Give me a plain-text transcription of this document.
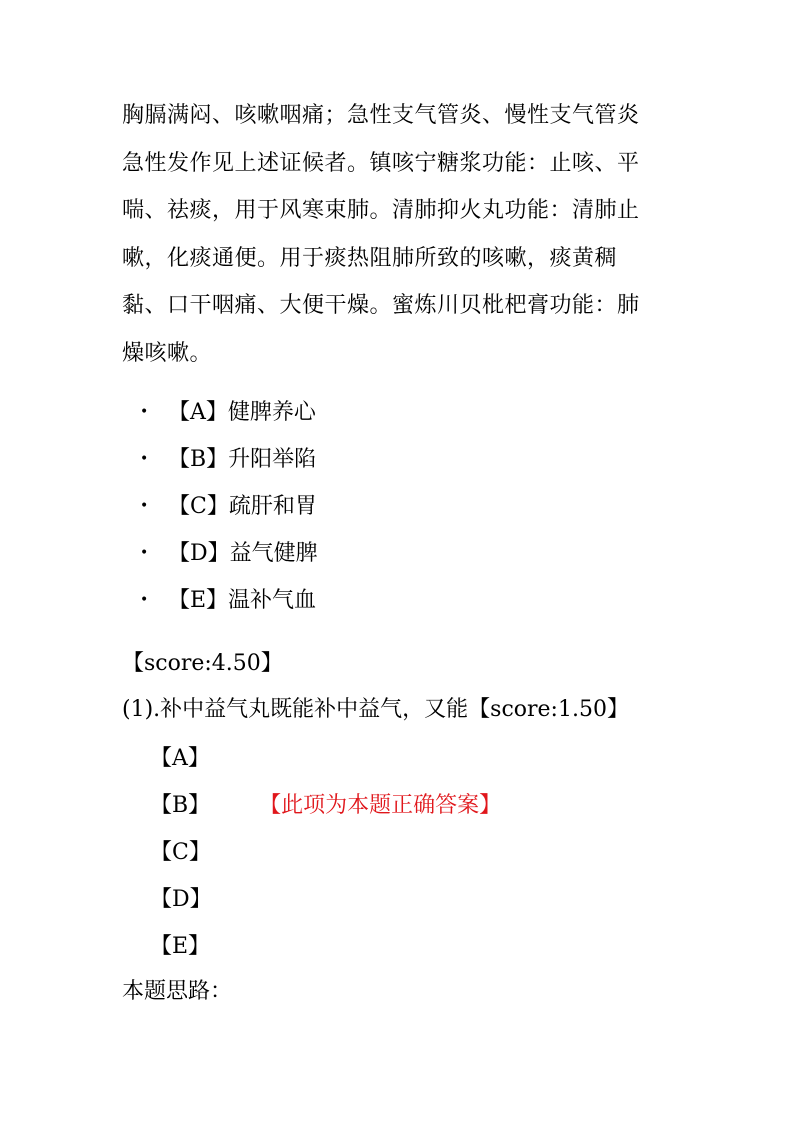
胸膈满闷、咳嗽咽痛；急性支气管炎、慢性支气管炎
急性发作见上述证候者。镇咳宁糖浆功能：止咳、平
喘、祛痰，用于风寒束肺。清肺抑火丸功能：清肺止
嗽，化痰通便。用于痰热阻肺所致的咳嗽，痰黄稠
黏、口干咽痛、大便干燥。蜜炼川贝枇杷膏功能：肺
燥咳嗽。
• 【A】健脾养心
• 【B】升阳举陷
• 【C】疏肝和胃
• 【D】益气健脾
• 【E】温补气血
【score:4.50】
(1).补中益气丸既能补中益气，又能【score:1.50】
【A】
【B】 【此项为本题正确答案】
【C】
【D】
【E】
本题思路：
